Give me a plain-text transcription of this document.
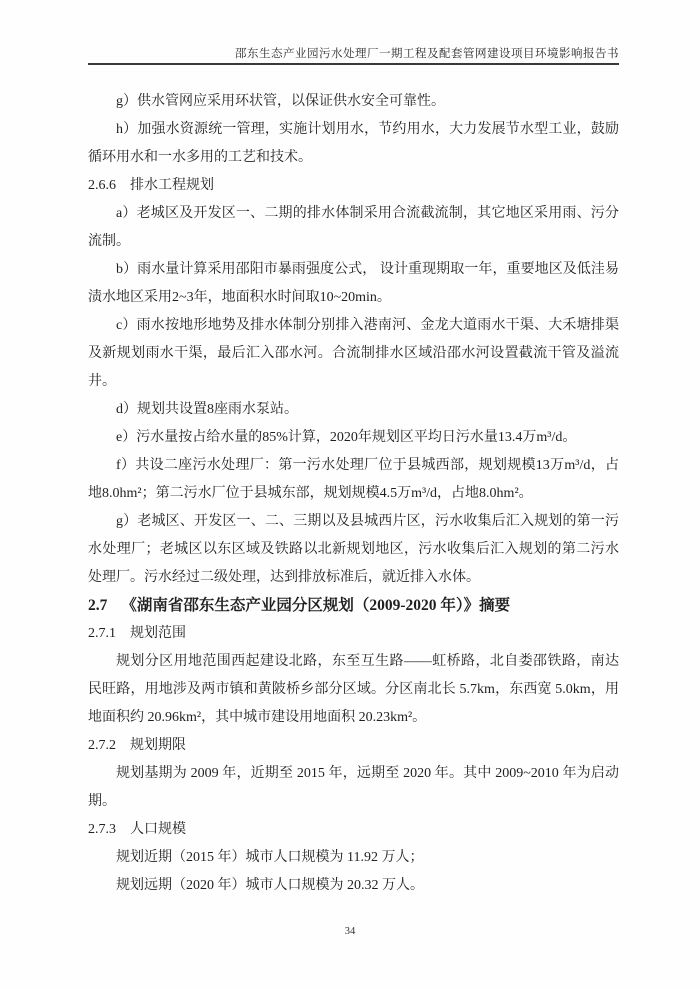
邵东生态产业园污水处理厂一期工程及配套管网建设项目环境影响报告书

g）供水管网应采用环状管，以保证供水安全可靠性。

h）加强水资源统一管理，实施计划用水，节约用水，大力发展节水型工业，鼓励循环用水和一水多用的工艺和技术。

2.6.6 排水工程规划

a）老城区及开发区一、二期的排水体制采用合流截流制，其它地区采用雨、污分流制。

b）雨水量计算采用邵阳市暴雨强度公式， 设计重现期取一年，重要地区及低洼易渍水地区采用2~3年，地面积水时间取10~20min。

c）雨水按地形地势及排水体制分别排入港南河、金龙大道雨水干渠、大禾塘排渠及新规划雨水干渠，最后汇入邵水河。合流制排水区域沿邵水河设置截流干管及溢流井。

d）规划共设置8座雨水泵站。

e）污水量按占给水量的85%计算，2020年规划区平均日污水量13.4万m³/d。

f）共设二座污水处理厂：第一污水处理厂位于县城西部，规划规模13万m³/d，占地8.0hm²；第二污水厂位于县城东部，规划规模4.5万m³/d，占地8.0hm²。

g）老城区、开发区一、二、三期以及县城西片区，污水收集后汇入规划的第一污水处理厂；老城区以东区域及铁路以北新规划地区，污水收集后汇入规划的第二污水处理厂。污水经过二级处理，达到排放标准后，就近排入水体。

2.7 《湖南省邵东生态产业园分区规划（2009-2020 年）》摘要

2.7.1 规划范围

规划分区用地范围西起建设北路，东至互生路——虹桥路，北自娄邵铁路，南达民旺路，用地涉及两市镇和黄陂桥乡部分区域。分区南北长 5.7km，东西宽 5.0km，用地面积约 20.96km²，其中城市建设用地面积 20.23km²。

2.7.2 规划期限

规划基期为 2009 年，近期至 2015 年，远期至 2020 年。其中 2009~2010 年为启动期。

2.7.3 人口规模

规划近期（2015 年）城市人口规模为 11.92 万人；

规划远期（2020 年）城市人口规模为 20.32 万人。

34
